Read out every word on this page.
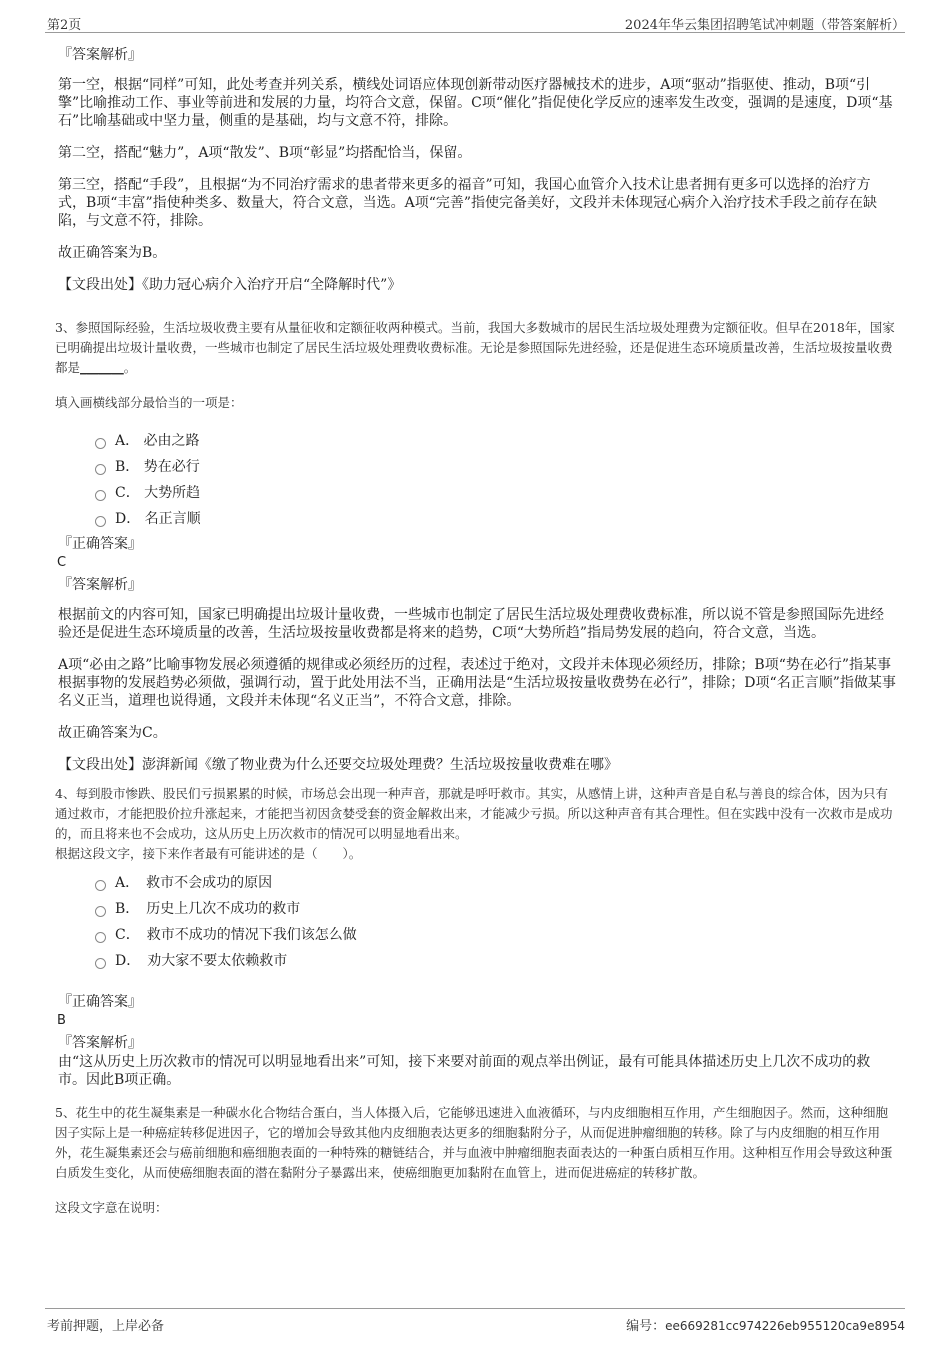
第2页	2024年华云集团招聘笔试冲刺题（带答案解析）
『答案解析』
第一空，根据“同样”可知，此处考查并列关系，横线处词语应体现创新带动医疗器械技术的进步，A项“驱动”指驱使、推动，B项“引擎”比喻推动工作、事业等前进和发展的力量，均符合文意，保留。C项“催化”指促使化学反应的速率发生改变，强调的是速度，D项“基石”比喻基础或中坚力量，侧重的是基础，均与文意不符，排除。
第二空，搭配“魅力”，A项“散发”、B项“彰显”均搭配恰当，保留。
第三空，搭配“手段”，且根据“为不同治疗需求的患者带来更多的福音”可知，我国心血管介入技术让患者拥有更多可以选择的治疗方式，B项“丰富”指使种类多、数量大，符合文意，当选。A项“完善”指使完备美好，文段并未体现冠心病介入治疗技术手段之前存在缺陷，与文意不符，排除。
故正确答案为B。
【文段出处】《助力冠心病介入治疗开启“全降解时代”》
3、参照国际经验，生活垃圾收费主要有从量征收和定额征收两种模式。当前，我国大多数城市的居民生活垃圾处理费为定额征收。但早在2018年，国家已明确提出垃圾计量收费，一些城市也制定了居民生活垃圾处理费收费标准。无论是参照国际先进经验，还是促进生态环境质量改善，生活垃圾按量收费都是_______。
填入画横线部分最恰当的一项是：
A． 必由之路
B． 势在必行
C． 大势所趋
D． 名正言顺
『正确答案』
C
『答案解析』
根据前文的内容可知，国家已明确提出垃圾计量收费，一些城市也制定了居民生活垃圾处理费收费标准，所以说不管是参照国际先进经验还是促进生态环境质量的改善，生活垃圾按量收费都是将来的趋势，C项“大势所趋”指局势发展的趋向，符合文意，当选。
A项“必由之路”比喻事物发展必须遵循的规律或必须经历的过程，表述过于绝对，文段并未体现必须经历，排除；B项“势在必行”指某事根据事物的发展趋势必须做，强调行动，置于此处用法不当，正确用法是“生活垃圾按量收费势在必行”，排除；D项“名正言顺”指做某事名义正当，道理也说得通，文段并未体现“名义正当”，不符合文意，排除。
故正确答案为C。
【文段出处】澎湃新闻《缴了物业费为什么还要交垃圾处理费？生活垃圾按量收费难在哪》
4、每到股市惨跌、股民们亏损累累的时候，市场总会出现一种声音，那就是呼吁救市。其实，从感情上讲，这种声音是自私与善良的综合体，因为只有通过救市，才能把股价拉升涨起来，才能把当初因贪婪受套的资金解救出来，才能减少亏损。所以这种声音有其合理性。但在实践中没有一次救市是成功的，而且将来也不会成功，这从历史上历次救市的情况可以明显地看出来。
根据这段文字，接下来作者最有可能讲述的是（　　）。
A．　救市不会成功的原因
B．　历史上几次不成功的救市
C．　救市不成功的情况下我们该怎么做
D．　劝大家不要太依赖救市
『正确答案』
B
『答案解析』
由“这从历史上历次救市的情况可以明显地看出来”可知，接下来要对前面的观点举出例证，最有可能具体描述历史上几次不成功的救市。因此B项正确。
5、花生中的花生凝集素是一种碳水化合物结合蛋白，当人体摄入后，它能够迅速进入血液循环，与内皮细胞相互作用，产生细胞因子。然而，这种细胞因子实际上是一种癌症转移促进因子，它的增加会导致其他内皮细胞表达更多的细胞黏附分子，从而促进肿瘤细胞的转移。除了与内皮细胞的相互作用外，花生凝集素还会与癌前细胞和癌细胞表面的一种特殊的糖链结合，并与血液中肿瘤细胞表面表达的一种蛋白质相互作用。这种相互作用会导致这种蛋白质发生变化，从而使癌细胞表面的潜在黏附分子暴露出来，使癌细胞更加黏附在血管上，进而促进癌症的转移扩散。
这段文字意在说明：
考前押题，上岸必备	编号：ee669281cc974226eb955120ca9e8954
